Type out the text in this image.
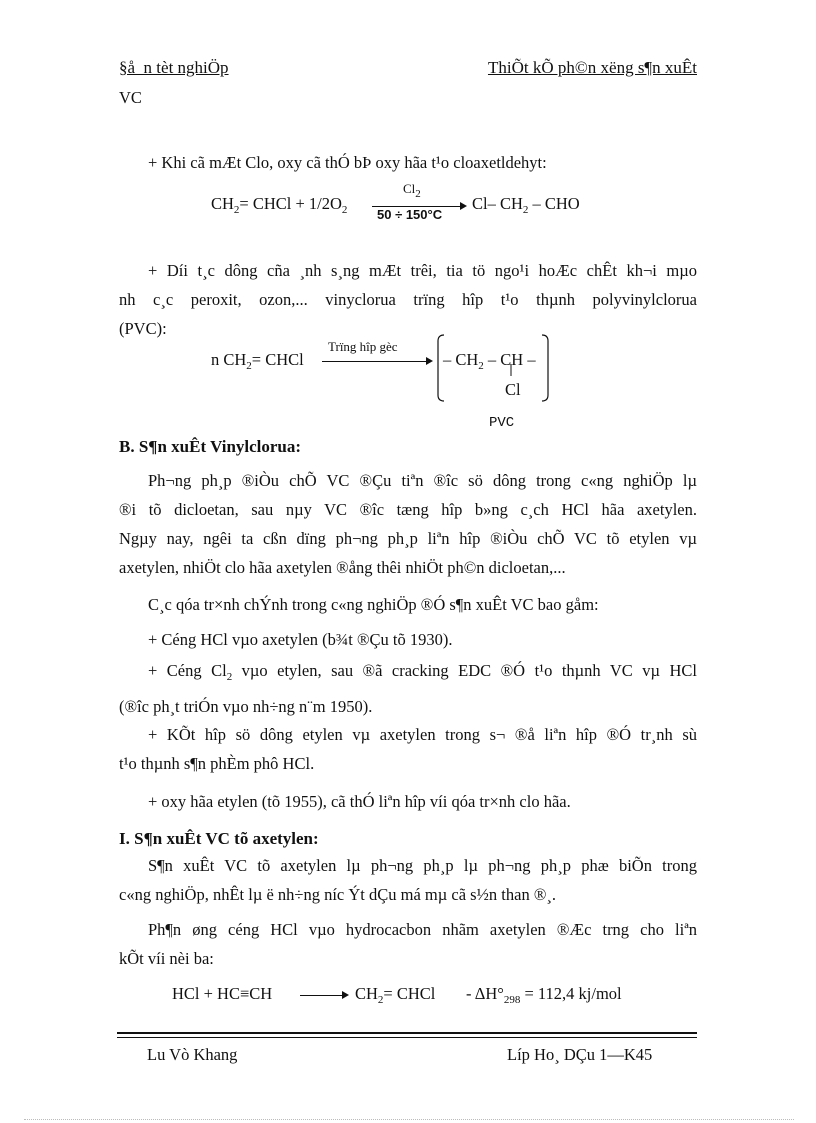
§å_n tèt nghiÖp	ThiÕt kÕ ph©n xëng s¶n xuÊt
VC
+ Khi cã mÆt Clo, oxy cã thÓ bÞ oxy hãa t¹o cloaxetldehyt:
$CH_2=$ CHCl + $1/2O_2$
$Cl_2$
50 ÷ 150°C
Cl– $CH_2$ – CHO
+ Díi t¸c dông cña ¸nh s¸ng mÆt trêi, tia tö ngo¹i hoÆc chÊt kh¬i mµo
nh c¸c peroxit, ozon,... vinyclorua trïng hîp t¹o thµnh polyvinylclorua
(PVC):
n $CH_2=$ CHCl
Trïng hîp gèc
– $CH_2$ – CH –
Cl
PVC
B. S¶n xuÊt Vinylclorua:
Ph¬ng ph¸p ®iÒu chÕ VC ®Çu tiªn ®îc sö dông trong c«ng nghiÖp lµ
®i tõ dicloetan, sau nµy VC ®îc tæng hîp b»ng c¸ch HCl hãa axetylen.
Ngµy nay, ngêi ta cßn dïng ph¬ng ph¸p liªn hîp ®iÒu chÕ VC tõ etylen vµ
axetylen, nhiÖt clo hãa axetylen ®ång thêi nhiÖt ph©n dicloetan,...
C¸c qóa tr×nh chÝnh trong c«ng nghiÖp ®Ó s¶n xuÊt VC bao gåm:
+ Céng HCl vµo axetylen (b¾t ®Çu tõ 1930).
+ Céng $Cl_2$ vµo etylen, sau ®ã cracking EDC ®Ó t¹o thµnh VC vµ HCl
(®îc ph¸t triÓn vµo nh÷ng n¨m 1950).
+ KÕt hîp sö dông etylen vµ axetylen trong s¬ ®å liªn hîp ®Ó tr¸nh sù
t¹o thµnh s¶n phÈm phô HCl.
+ oxy hãa etylen (tõ 1955), cã thÓ liªn hîp víi qóa tr×nh clo hãa.
I. S¶n xuÊt VC tõ axetylen:
S¶n xuÊt VC tõ axetylen lµ ph¬ng ph¸p lµ ph¬ng ph¸p phæ biÕn trong
c«ng nghiÖp, nhÊt lµ ë nh÷ng níc Ýt dÇu má mµ cã s½n than ®¸.
Ph¶n øng céng HCl vµo hydrocacbon nhãm axetylen ®Æc trng cho liªn
kÕt víi nèi ba:
HCl + HC≡CH	$CH_2=$ CHCl - $\Delta H^\circ_{298} = 112,4$ kj/mol
Lu Vò Khang	Líp Ho¸ DÇu 1—K45
